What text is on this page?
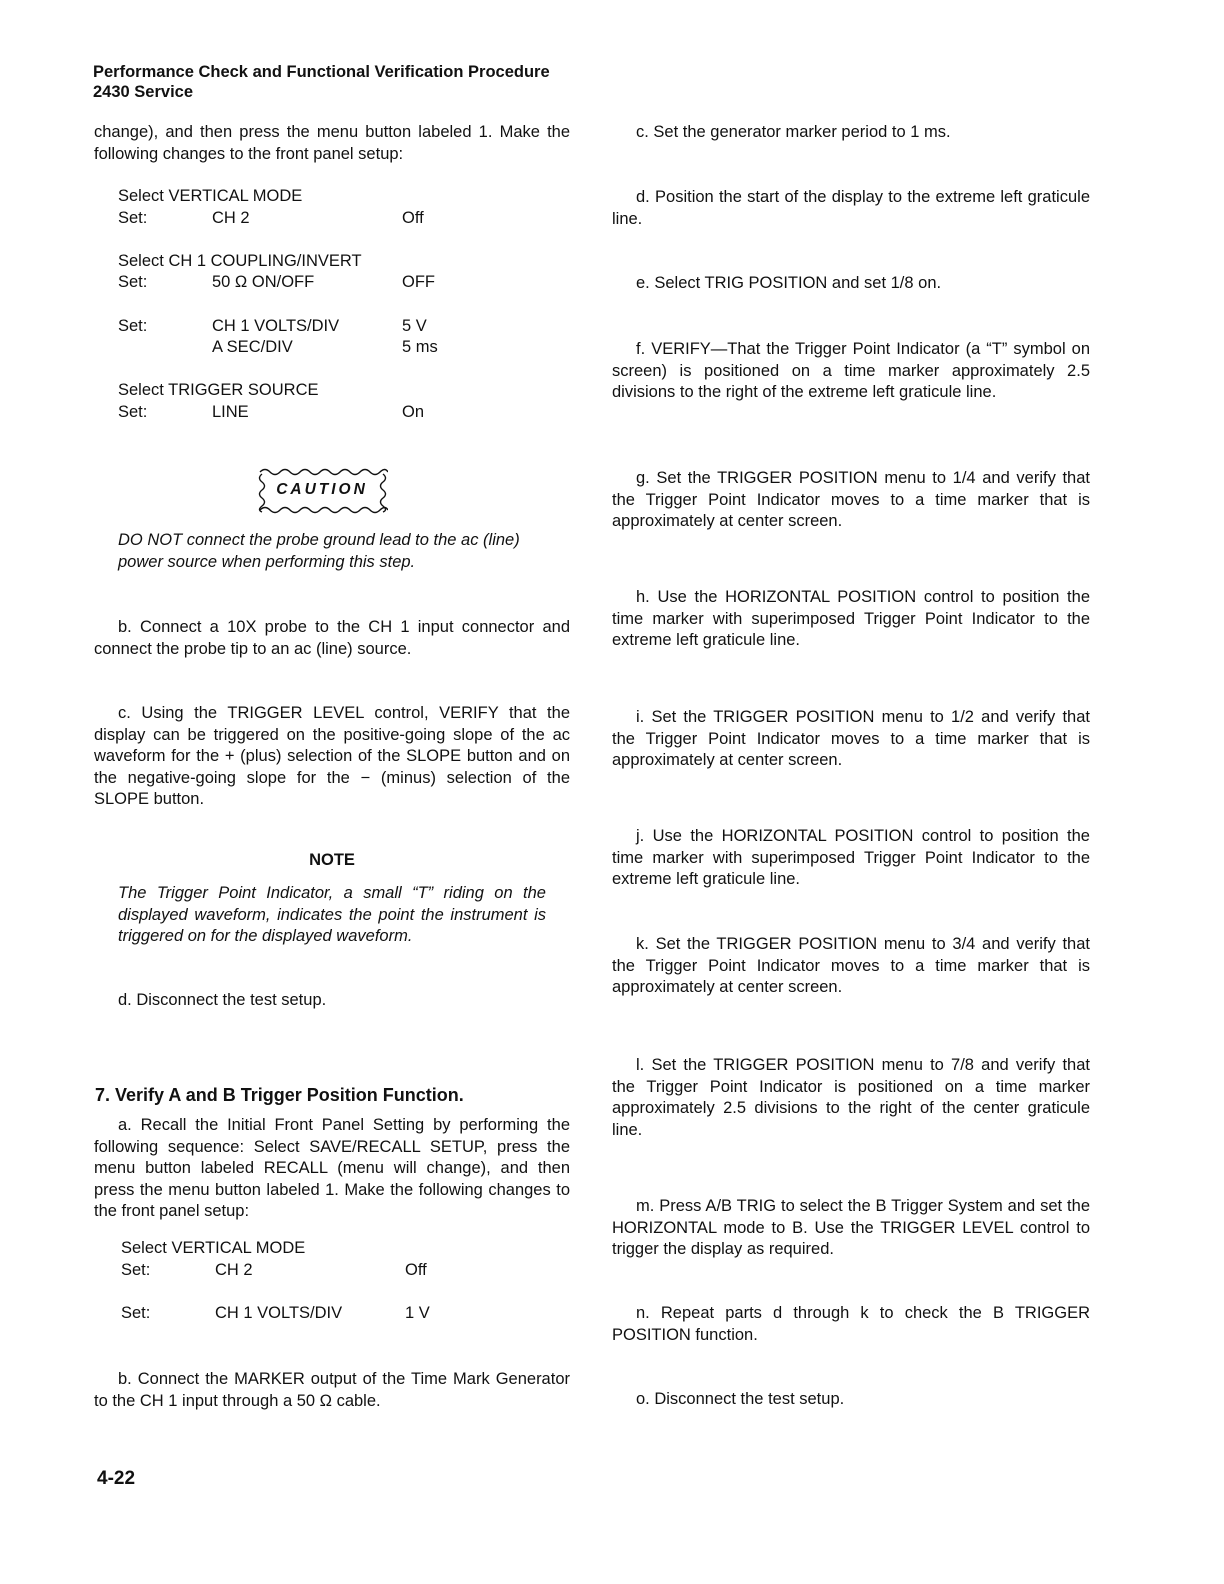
Performance Check and Functional Verification Procedure
2430 Service

change), and then press the menu button labeled 1. Make the following changes to the front panel setup:

Select VERTICAL MODE
Set:	CH 2	Off
Select CH 1 COUPLING/INVERT
Set:	50 Ω ON/OFF	OFF
Set:	CH 1 VOLTS/DIV	5 V
A SEC/DIV	5 ms
Select TRIGGER SOURCE
Set:	LINE	On
CAUTION

DO NOT connect the probe ground lead to the ac (line) power source when performing this step.

b. Connect a 10X probe to the CH 1 input connector and connect the probe tip to an ac (line) source.

c. Using the TRIGGER LEVEL control, VERIFY that the display can be triggered on the positive-going slope of the ac waveform for the + (plus) selection of the SLOPE button and on the negative-going slope for the − (minus) selection of the SLOPE button.

NOTE

The Trigger Point Indicator, a small “T” riding on the displayed waveform, indicates the point the instrument is triggered on for the displayed waveform.

d. Disconnect the test setup.

7. Verify A and B Trigger Position Function.

a. Recall the Initial Front Panel Setting by performing the following sequence: Select SAVE/RECALL SETUP, press the menu button labeled RECALL (menu will change), and then press the menu button labeled 1. Make the following changes to the front panel setup:

Select VERTICAL MODE
Set:	CH 2	Off
Set:	CH 1 VOLTS/DIV	1 V

b. Connect the MARKER output of the Time Mark Generator to the CH 1 input through a 50 Ω cable.

c. Set the generator marker period to 1 ms.

d. Position the start of the display to the extreme left graticule line.

e. Select TRIG POSITION and set 1/8 on.

f. VERIFY—That the Trigger Point Indicator (a “T” symbol on screen) is positioned on a time marker approximately 2.5 divisions to the right of the extreme left graticule line.

g. Set the TRIGGER POSITION menu to 1/4 and verify that the Trigger Point Indicator moves to a time marker that is approximately at center screen.

h. Use the HORIZONTAL POSITION control to position the time marker with superimposed Trigger Point Indicator to the extreme left graticule line.

i. Set the TRIGGER POSITION menu to 1/2 and verify that the Trigger Point Indicator moves to a time marker that is approximately at center screen.

j. Use the HORIZONTAL POSITION control to position the time marker with superimposed Trigger Point Indicator to the extreme left graticule line.

k. Set the TRIGGER POSITION menu to 3/4 and verify that the Trigger Point Indicator moves to a time marker that is approximately at center screen.

l. Set the TRIGGER POSITION menu to 7/8 and verify that the Trigger Point Indicator is positioned on a time marker approximately 2.5 divisions to the right of the center graticule line.

m. Press A/B TRIG to select the B Trigger System and set the HORIZONTAL mode to B. Use the TRIGGER LEVEL control to trigger the display as required.

n. Repeat parts d through k to check the B TRIGGER POSITION function.

o. Disconnect the test setup.

4-22
